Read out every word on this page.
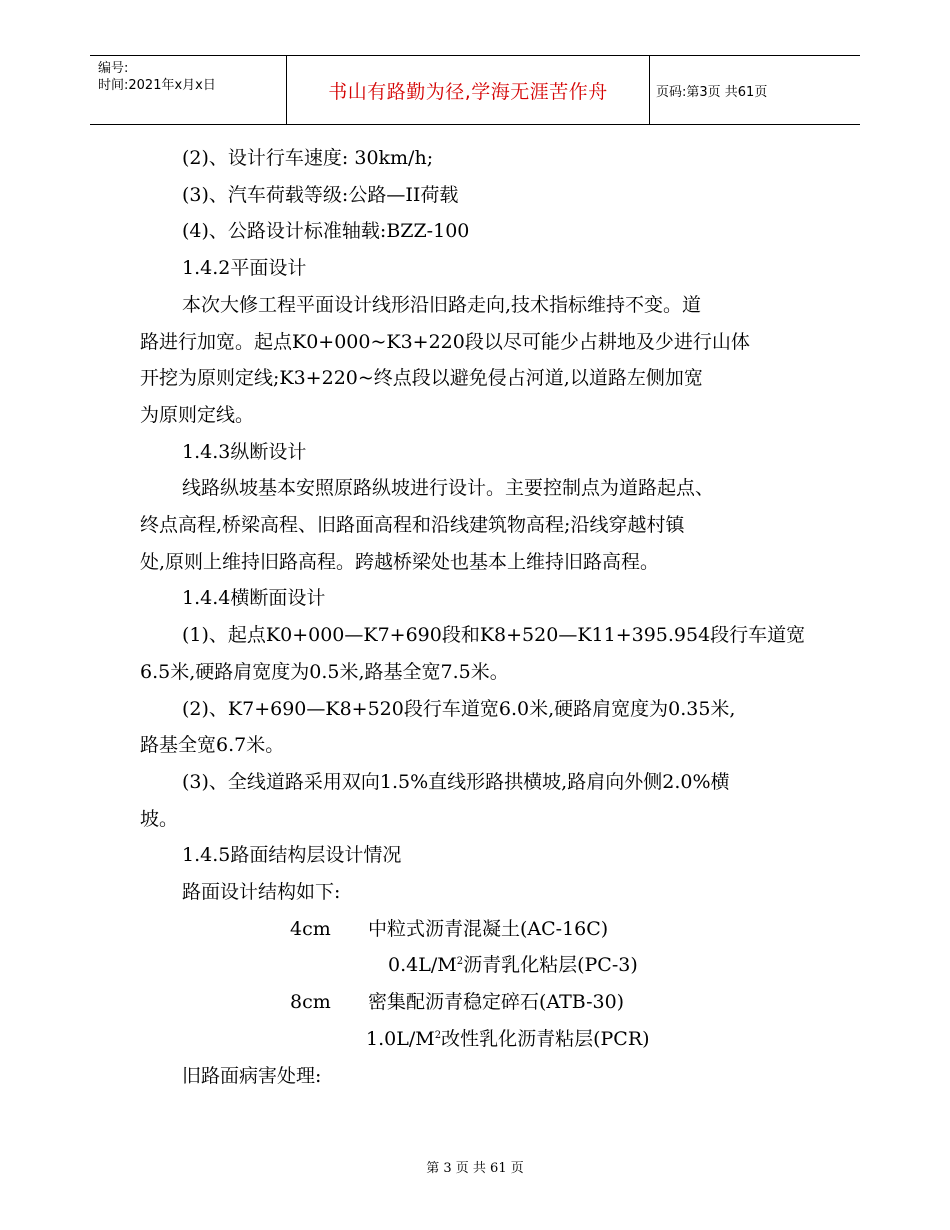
编号:
时间:2021年x月x日	书山有路勤为径,学海无涯苦作舟	页码:第3页 共61页
(2)、设计行车速度: 30km/h;
(3)、汽车荷载等级:公路—II荷载
(4)、公路设计标准轴载:BZZ-100
1.4.2平面设计
本次大修工程平面设计线形沿旧路走向,技术指标维持不变。道
路进行加宽。起点K0+000~K3+220段以尽可能少占耕地及少进行山体
开挖为原则定线;K3+220~终点段以避免侵占河道,以道路左侧加宽
为原则定线。
1.4.3纵断设计
线路纵坡基本安照原路纵坡进行设计。主要控制点为道路起点、
终点高程,桥梁高程、旧路面高程和沿线建筑物高程;沿线穿越村镇
处,原则上维持旧路高程。跨越桥梁处也基本上维持旧路高程。
1.4.4横断面设计
(1)、起点K0+000—K7+690段和K8+520—K11+395.954段行车道宽
6.5米,硬路肩宽度为0.5米,路基全宽7.5米。
(2)、K7+690—K8+520段行车道宽6.0米,硬路肩宽度为0.35米,
路基全宽6.7米。
(3)、全线道路采用双向1.5%直线形路拱横坡,路肩向外侧2.0%横
坡。
1.4.5路面结构层设计情况
路面设计结构如下:
4cm 中粒式沥青混凝土(AC-16C)
$0.4L/M^2$沥青乳化粘层(PC-3)
8cm 密集配沥青稳定碎石(ATB-30)
$1.0L/M^2$改性乳化沥青粘层(PCR)
旧路面病害处理:
第 3 页 共 61 页
